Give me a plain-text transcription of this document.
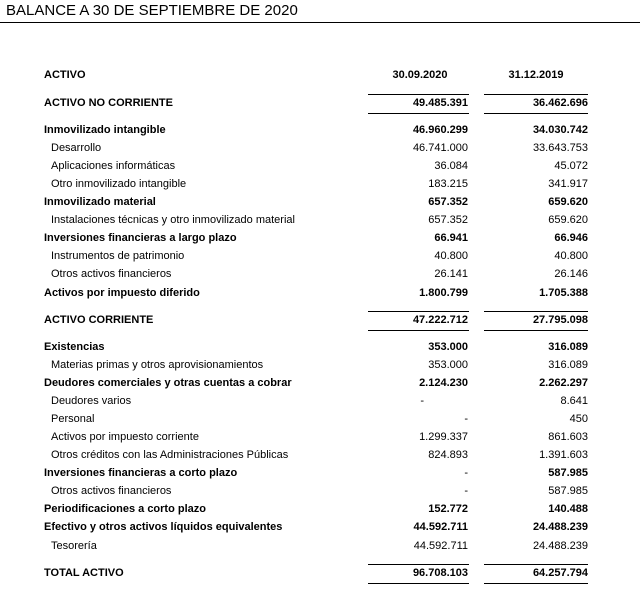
BALANCE A 30 DE SEPTIEMBRE DE 2020
ACTIVO	30.09.2020	31.12.2019
ACTIVO NO CORRIENTE	49.485.391	36.462.696
Inmovilizado intangible	46.960.299	34.030.742
Desarrollo	46.741.000	33.643.753
Aplicaciones informáticas	36.084	45.072
Otro inmovilizado intangible	183.215	341.917
Inmovilizado material	657.352	659.620
Instalaciones técnicas y otro inmovilizado material	657.352	659.620
Inversiones financieras a largo plazo	66.941	66.946
Instrumentos de patrimonio	40.800	40.800
Otros activos financieros	26.141	26.146
Activos por impuesto diferido	1.800.799	1.705.388
ACTIVO CORRIENTE	47.222.712	27.795.098
Existencias	353.000	316.089
Materias primas y otros aprovisionamientos	353.000	316.089
Deudores comerciales y otras cuentas a cobrar	2.124.230	2.262.297
Deudores varios	-	8.641
Personal	-	450
Activos por impuesto corriente	1.299.337	861.603
Otros créditos con las Administraciones Públicas	824.893	1.391.603
Inversiones financieras a corto plazo	-	587.985
Otros activos financieros	-	587.985
Periodificaciones a corto plazo	152.772	140.488
Efectivo y otros activos líquidos equivalentes	44.592.711	24.488.239
Tesorería	44.592.711	24.488.239
TOTAL ACTIVO	96.708.103	64.257.794
